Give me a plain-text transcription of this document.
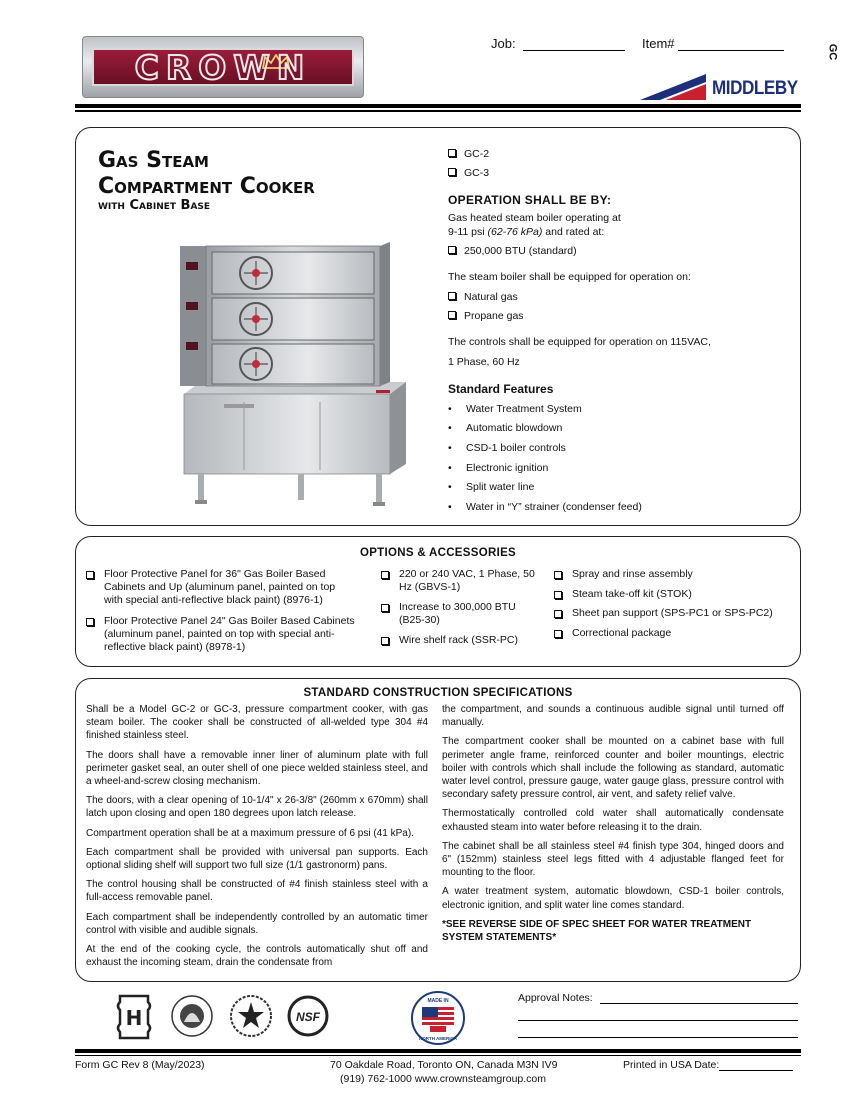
CROWN
Job:	Item#
GC
MIDDLEBY
Gas Steam
Compartment Cooker
with Cabinet Base
GC-2
GC-3
OPERATION SHALL BE BY:
Gas heated steam boiler operating at
9-11 psi (62-76 kPa) and rated at:
250,000 BTU (standard)
The steam boiler shall be equipped for operation on:
Natural gas
Propane gas
The controls shall be equipped for operation on 115VAC,
1 Phase, 60 Hz
Standard Features
• Water Treatment System
• Automatic blowdown
• CSD-1 boiler controls
• Electronic ignition
• Split water line
• Water in “Y” strainer (condenser feed)
OPTIONS & ACCESSORIES
Floor Protective Panel for 36" Gas Boiler Based Cabinets and Up (aluminum panel, painted on top with special anti-reflective black paint) (8976-1)
Floor Protective Panel 24" Gas Boiler Based Cabinets (aluminum panel, painted on top with special anti-reflective black paint) (8978-1)
220 or 240 VAC, 1 Phase, 50 Hz (GBVS-1)
Increase to 300,000 BTU (B25-30)
Wire shelf rack (SSR-PC)
Spray and rinse assembly
Steam take-off kit (STOK)
Sheet pan support (SPS-PC1 or SPS-PC2)
Correctional package
STANDARD CONSTRUCTION SPECIFICATIONS

Shall be a Model GC-2 or GC-3, pressure compartment cooker, with gas steam boiler. The cooker shall be constructed of all-welded type 304 #4 finished stainless steel.

The doors shall have a removable inner liner of aluminum plate with full perimeter gasket seal, an outer shell of one piece welded stainless steel, and a wheel-and-screw closing mechanism.

The doors, with a clear opening of 10-1/4" x 26-3/8" (260mm x 670mm) shall latch upon closing and open 180 degrees upon latch release.

Compartment operation shall be at a maximum pressure of 6 psi (41 kPa).

Each compartment shall be provided with universal pan supports. Each optional sliding shelf will support two full size (1/1 gastronorm) pans.

The control housing shall be constructed of #4 finish stainless steel with a full-access removable panel.

Each compartment shall be independently controlled by an automatic timer control with visible and audible signals.

At the end of the cooking cycle, the controls automatically shut off and exhaust the incoming steam, drain the condensate from

the compartment, and sounds a continuous audible signal until turned off manually.

The compartment cooker shall be mounted on a cabinet base with full perimeter angle frame, reinforced counter and boiler mountings, electric boiler with controls which shall include the following as standard, automatic water level control, pressure gauge, water gauge glass, pressure control with secondary safety pressure control, air vent, and safety relief valve.

Thermostatically controlled cold water shall automatically condensate exhausted steam into water before releasing it to the drain.

The cabinet shall be all stainless steel #4 finish type 304, hinged doors and 6" (152mm) stainless steel legs fitted with 4 adjustable flanged feet for mounting to the floor.

A water treatment system, automatic blowdown, CSD-1 boiler controls, electronic ignition, and split water line comes standard.

*SEE REVERSE SIDE OF SPEC SHEET FOR WATER TREATMENT SYSTEM STATEMENTS*

H	NSF
MADE IN
NORTH AMERICA
Approval Notes:
Form GC Rev 8 (May/2023)	70 Oakdale Road, Toronto ON, Canada M3N IV9
(919) 762-1000 www.crownsteamgroup.com
Printed in USA Date:
